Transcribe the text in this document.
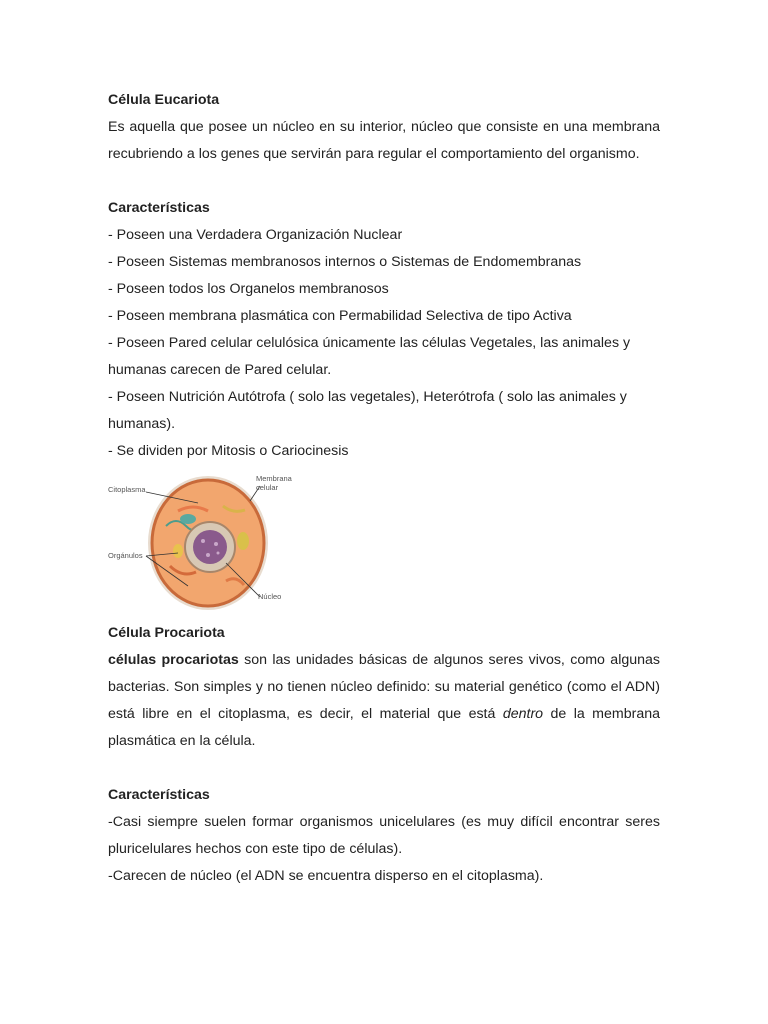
Célula Eucariota
Es aquella que posee un núcleo en su interior, núcleo que consiste en una membrana recubriendo a los genes que servirán para regular el comportamiento del organismo.
Características
- Poseen una Verdadera Organización Nuclear
- Poseen Sistemas membranosos internos o Sistemas de Endomembranas
- Poseen todos los Organelos membranosos
- Poseen membrana plasmática con Permabilidad Selectiva de tipo Activa
- Poseen Pared celular celulósica únicamente las células Vegetales, las animales y humanas carecen de Pared celular.
- Poseen Nutrición Autótrofa ( solo las vegetales), Heterótrofa ( solo las animales y humanas).
- Se dividen por Mitosis o Cariocinesis
Citoplasma
Membrana
celular
Orgánulos
Núcleo
Célula Procariota
células procariotas son las unidades básicas de algunos seres vivos, como algunas bacterias. Son simples y no tienen núcleo definido: su material genético (como el ADN) está libre en el citoplasma, es decir, el material que está dentro de la membrana plasmática en la célula.
Características
-Casi siempre suelen formar organismos unicelulares (es muy difícil encontrar seres pluricelulares hechos con este tipo de células).
-Carecen de núcleo (el ADN se encuentra disperso en el citoplasma).
